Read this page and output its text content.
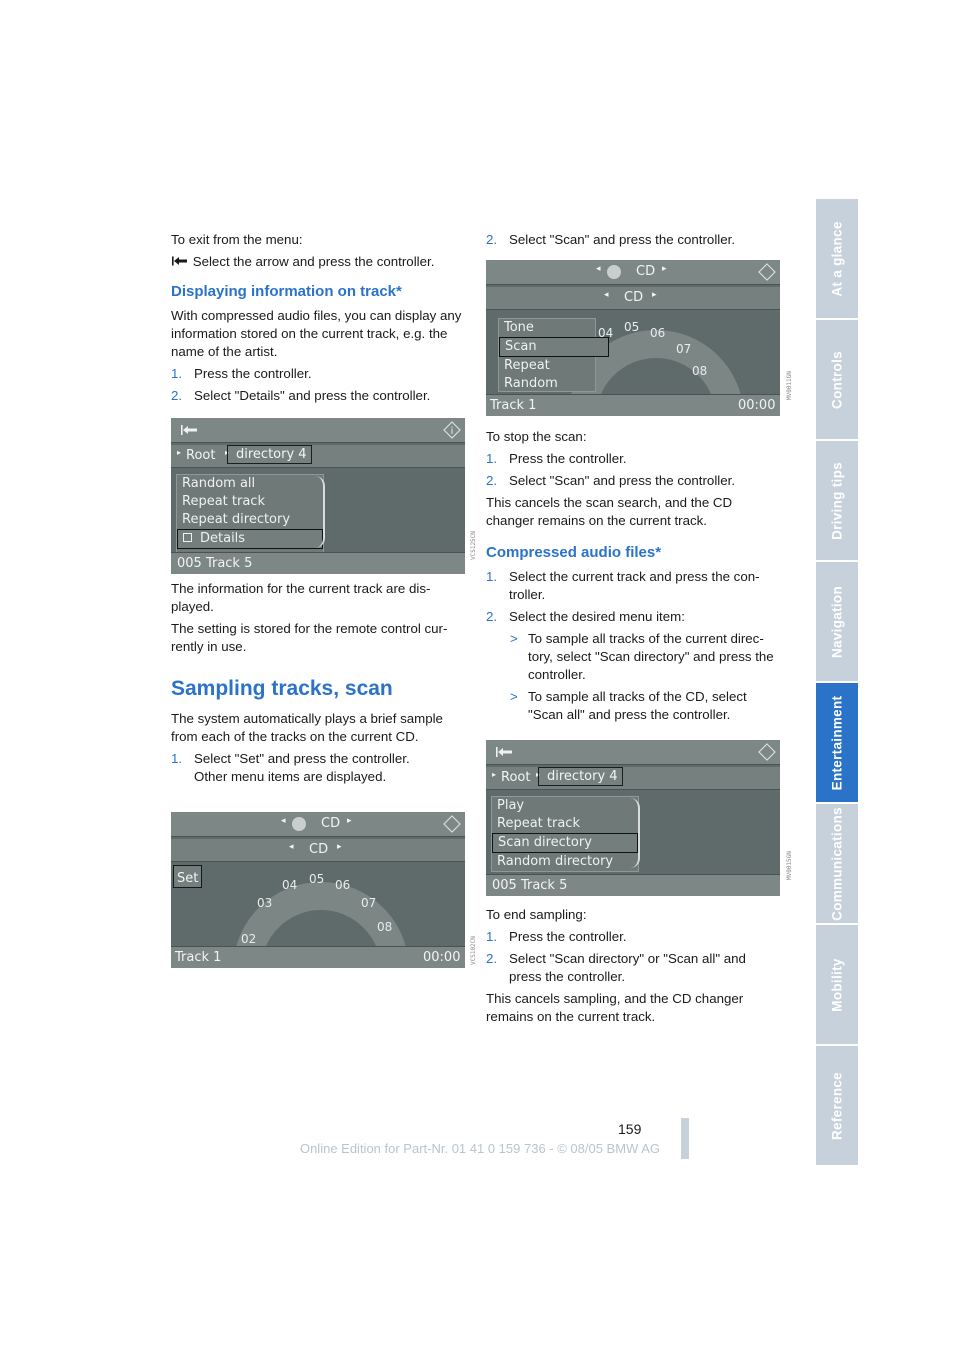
To exit from the menu:

Select the arrow and press the controller.

Displaying information on track*

With compressed audio files, you can display any information stored on the current track, e.g. the name of the artist.

1. Press the controller.
2. Select "Details" and press the controller.
i
▸ Root ▸ directory 4
Random all
Repeat track
Repeat directory
Details
005 Track 5
VCS125CN

The information for the current track are displayed.

The setting is stored for the remote control currently in use.

Sampling tracks, scan

The system automatically plays a brief sample from each of the tracks on the current CD.

1. Select "Set" and press the controller.
Other menu items are displayed.
◂	CD ▸
◂ CD ▸
Set
02
03
04 05 06
07
08
Track 1	00:00 VCS102CN
2. Select "Scan" and press the controller.
◂	CD ▸
◂ CD ▸
Tone
Scan
Repeat
Random
04 05 06
07
08
Track 1	00:00
MV0011GN

To stop the scan:

1. Press the controller.
2. Select "Scan" and press the controller.

This cancels the scan search, and the CD changer remains on the current track.

Compressed audio files*
1. Select the current track and press the controller.
2. Select the desired menu item:
> To sample all tracks of the current directory, select "Scan directory" and press the controller.
> To sample all tracks of the CD, select "Scan all" and press the controller.
▸ Root ▸ directory 4
Play
Repeat track
Scan directory
Random directory
005 Track 5
MV0015GN

To end sampling:

1. Press the controller.
2. Select "Scan directory" or "Scan all" and press the controller.

This cancels sampling, and the CD changer remains on the current track.

At a glance
Controls
Driving tips
Navigation
Entertainment
Communications
Mobility
Reference
159
Online Edition for Part-Nr. 01 41 0 159 736 - © 08/05 BMW AG
